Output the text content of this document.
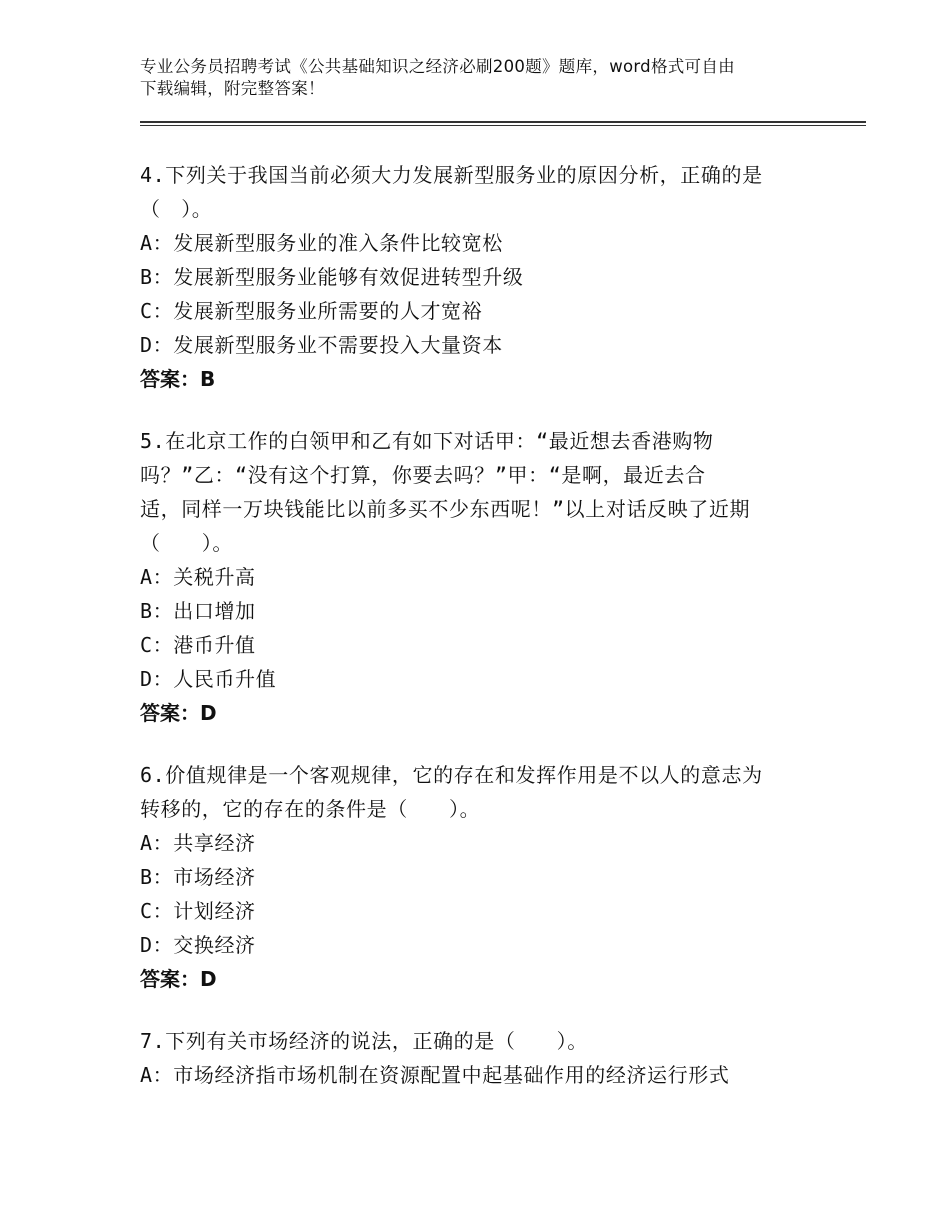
专业公务员招聘考试《公共基础知识之经济必刷200题》题库，word格式可自由
下载编辑，附完整答案！

4.下列关于我国当前必须大力发展新型服务业的原因分析，正确的是

（　）。

A：发展新型服务业的准入条件比较宽松

B：发展新型服务业能够有效促进转型升级

C：发展新型服务业所需要的人才宽裕

D：发展新型服务业不需要投入大量资本

答案：B

5.在北京工作的白领甲和乙有如下对话甲：“最近想去香港购物

吗？”乙：“没有这个打算，你要去吗？”甲：“是啊，最近去合

适，同样一万块钱能比以前多买不少东西呢！”以上对话反映了近期

（　　）。

A：关税升高

B：出口增加

C：港币升值

D：人民币升值

答案：D

6.价值规律是一个客观规律，它的存在和发挥作用是不以人的意志为

转移的，它的存在的条件是（　　）。

A：共享经济

B：市场经济

C：计划经济

D：交换经济

答案：D

7.下列有关市场经济的说法，正确的是（　　）。

A：市场经济指市场机制在资源配置中起基础作用的经济运行形式
